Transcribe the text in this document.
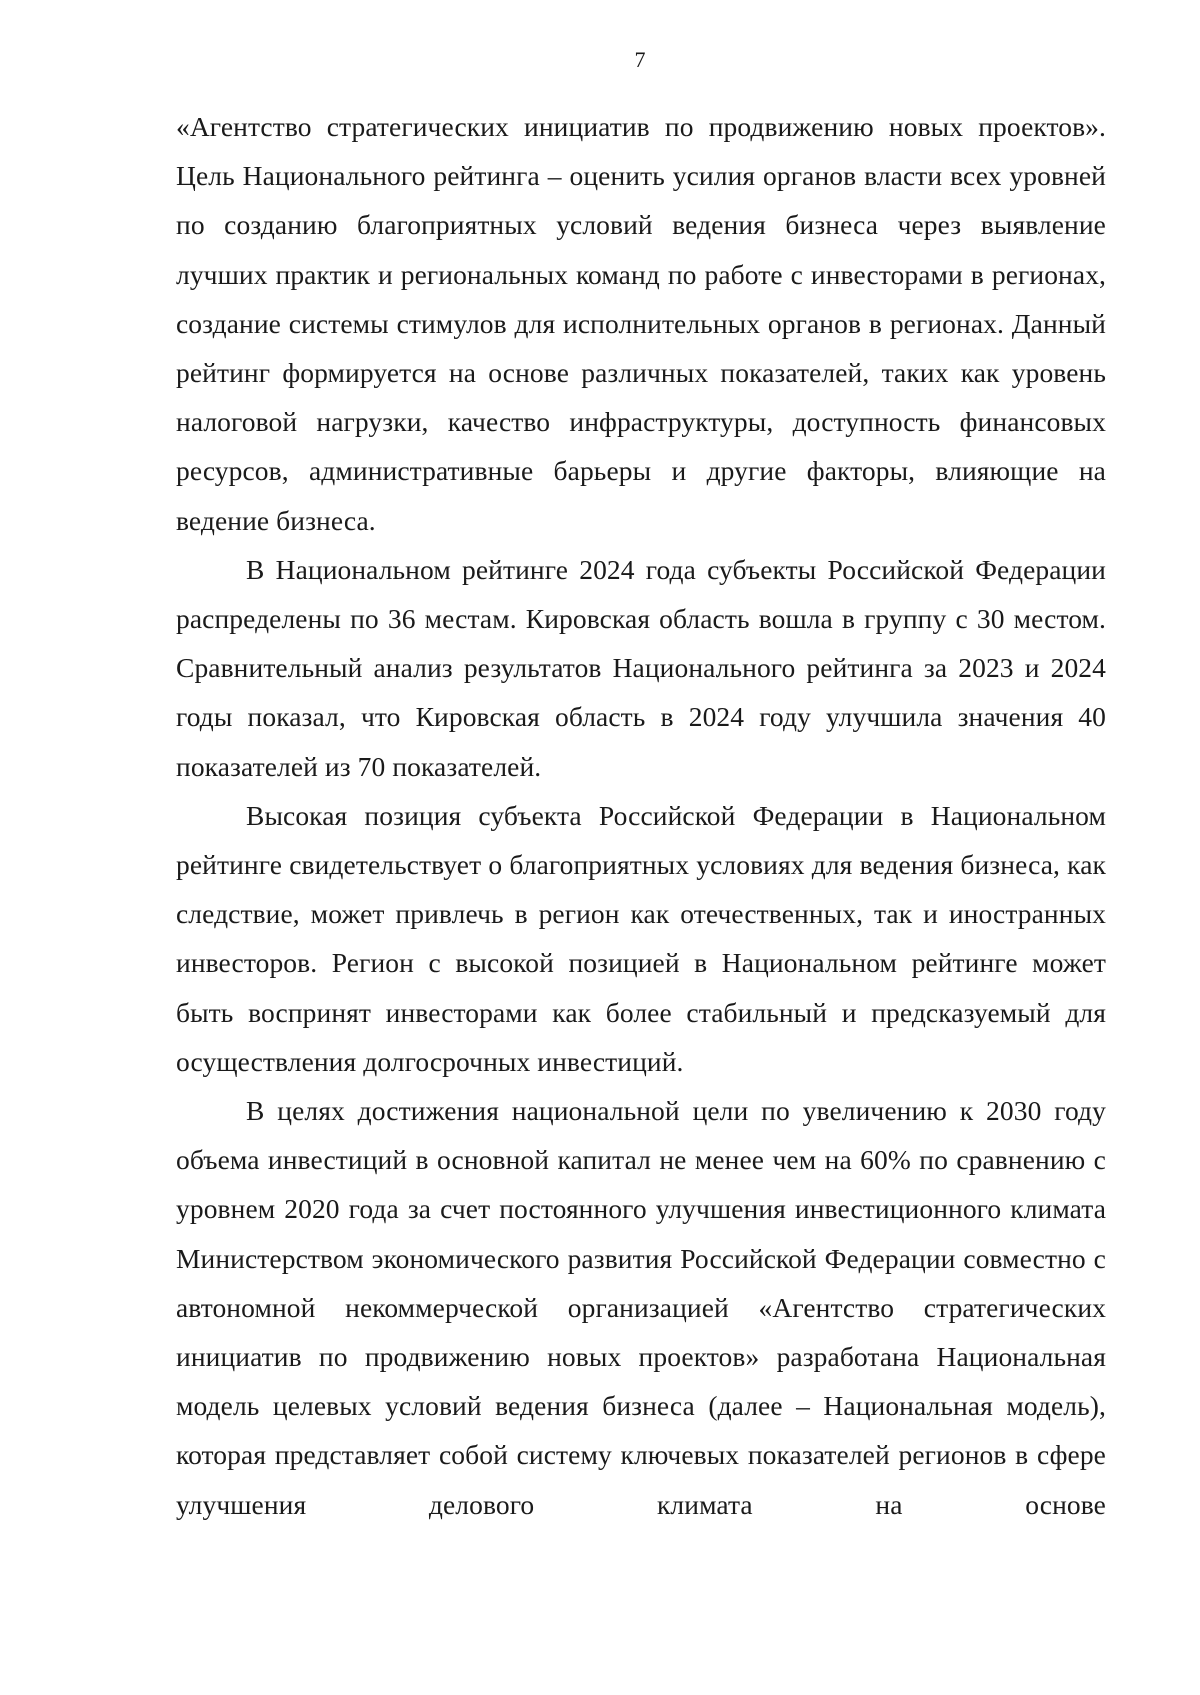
7

«Агентство стратегических инициатив по продвижению новых проектов». Цель Национального рейтинга – оценить усилия органов власти всех уровней по созданию благоприятных условий ведения бизнеса через выявление лучших практик и региональных команд по работе с инвесторами в регионах, создание системы стимулов для исполнительных органов в регионах. Данный рейтинг формируется на основе различных показателей, таких как уровень налоговой нагрузки, качество инфраструктуры, доступность финансовых ресурсов, административные барьеры и другие факторы, влияющие на ведение бизнеса.

В Национальном рейтинге 2024 года субъекты Российской Федерации распределены по 36 местам. Кировская область вошла в группу с 30 местом. Сравнительный анализ результатов Национального рейтинга за 2023 и 2024 годы показал, что Кировская область в 2024 году улучшила значения 40 показателей из 70 показателей.

Высокая позиция субъекта Российской Федерации в Национальном рейтинге свидетельствует о благоприятных условиях для ведения бизнеса, как следствие, может привлечь в регион как отечественных, так и иностранных инвесторов. Регион с высокой позицией в Национальном рейтинге может быть воспринят инвесторами как более стабильный и предсказуемый для осуществления долгосрочных инвестиций.

В целях достижения национальной цели по увеличению к 2030 году объема инвестиций в основной капитал не менее чем на 60% по сравнению с уровнем 2020 года за счет постоянного улучшения инвестиционного климата Министерством экономического развития Российской Федерации совместно с автономной некоммерческой организацией «Агентство стратегических инициатив по продвижению новых проектов» разработана Национальная модель целевых условий ведения бизнеса (далее – Национальная модель), которая представляет собой систему ключевых показателей регионов в сфере улучшения делового климата на основе
